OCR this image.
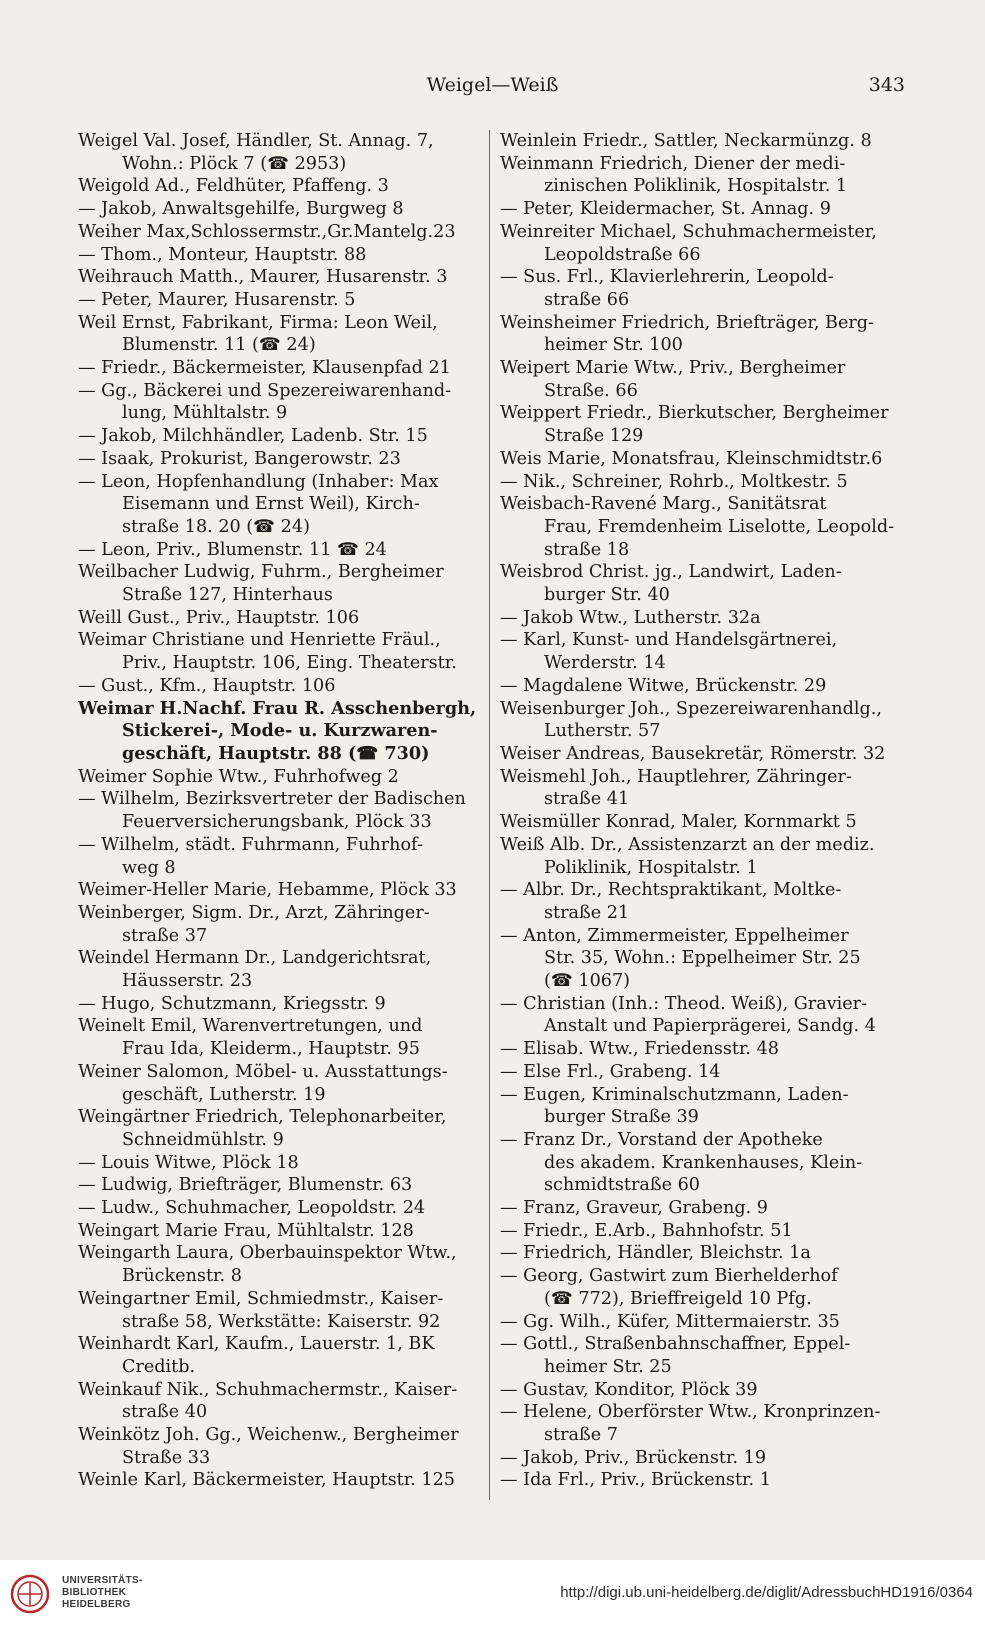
Weigel—Weiß	343
Weigel Val. Josef, Händler, St. Annag. 7,
Wohn.: Plöck 7 (☎ 2953)
Weigold Ad., Feldhüter, Pfaffeng. 3
— Jakob, Anwaltsgehilfe, Burgweg 8
Weiher Max,Schlossermstr.,Gr.Mantelg.23
— Thom., Monteur, Hauptstr. 88
Weihrauch Matth., Maurer, Husarenstr. 3
— Peter, Maurer, Husarenstr. 5
Weil Ernst, Fabrikant, Firma: Leon Weil,
Blumenstr. 11 (☎ 24)
— Friedr., Bäckermeister, Klausenpfad 21
— Gg., Bäckerei und Spezereiwarenhand-
lung, Mühltalstr. 9
— Jakob, Milchhändler, Ladenb. Str. 15
— Isaak, Prokurist, Bangerowstr. 23
— Leon, Hopfenhandlung (Inhaber: Max
Eisemann und Ernst Weil), Kirch-
straße 18. 20 (☎ 24)
— Leon, Priv., Blumenstr. 11 ☎ 24
Weilbacher Ludwig, Fuhrm., Bergheimer
Straße 127, Hinterhaus
Weill Gust., Priv., Hauptstr. 106
Weimar Christiane und Henriette Fräul.,
Priv., Hauptstr. 106, Eing. Theaterstr.
— Gust., Kfm., Hauptstr. 106
Weimar H.Nachf. Frau R. Asschenbergh,
Stickerei-, Mode- u. Kurzwaren-
geschäft, Hauptstr. 88 (☎ 730)
Weimer Sophie Wtw., Fuhrhofweg 2
— Wilhelm, Bezirksvertreter der Badischen
Feuerversicherungsbank, Plöck 33
— Wilhelm, städt. Fuhrmann, Fuhrhof-
weg 8
Weimer-Heller Marie, Hebamme, Plöck 33
Weinberger, Sigm. Dr., Arzt, Zähringer-
straße 37
Weindel Hermann Dr., Landgerichtsrat,
Häusserstr. 23
— Hugo, Schutzmann, Kriegsstr. 9
Weinelt Emil, Warenvertretungen, und
Frau Ida, Kleiderm., Hauptstr. 95
Weiner Salomon, Möbel- u. Ausstattungs-
geschäft, Lutherstr. 19
Weingärtner Friedrich, Telephonarbeiter,
Schneidmühlstr. 9
— Louis Witwe, Plöck 18
— Ludwig, Briefträger, Blumenstr. 63
— Ludw., Schuhmacher, Leopoldstr. 24
Weingart Marie Frau, Mühltalstr. 128
Weingarth Laura, Oberbauinspektor Wtw.,
Brückenstr. 8
Weingartner Emil, Schmiedmstr., Kaiser-
straße 58, Werkstätte: Kaiserstr. 92
Weinhardt Karl, Kaufm., Lauerstr. 1, BK
Creditb.
Weinkauf Nik., Schuhmachermstr., Kaiser-
straße 40
Weinkötz Joh. Gg., Weichenw., Bergheimer
Straße 33
Weinle Karl, Bäckermeister, Hauptstr. 125
Weinlein Friedr., Sattler, Neckarmünzg. 8
Weinmann Friedrich, Diener der medi-
zinischen Poliklinik, Hospitalstr. 1
— Peter, Kleidermacher, St. Annag. 9
Weinreiter Michael, Schuhmachermeister,
Leopoldstraße 66
— Sus. Frl., Klavierlehrerin, Leopold-
straße 66
Weinsheimer Friedrich, Briefträger, Berg-
heimer Str. 100
Weipert Marie Wtw., Priv., Bergheimer
Straße. 66
Weippert Friedr., Bierkutscher, Bergheimer
Straße 129
Weis Marie, Monatsfrau, Kleinschmidtstr.6
— Nik., Schreiner, Rohrb., Moltkestr. 5
Weisbach-Ravené Marg., Sanitätsrat
Frau, Fremdenheim Liselotte, Leopold-
straße 18
Weisbrod Christ. jg., Landwirt, Laden-
burger Str. 40
— Jakob Wtw., Lutherstr. 32a
— Karl, Kunst- und Handelsgärtnerei,
Werderstr. 14
— Magdalene Witwe, Brückenstr. 29
Weisenburger Joh., Spezereiwarenhandlg.,
Lutherstr. 57
Weiser Andreas, Bausekretär, Römerstr. 32
Weismehl Joh., Hauptlehrer, Zähringer-
straße 41
Weismüller Konrad, Maler, Kornmarkt 5
Weiß Alb. Dr., Assistenzarzt an der mediz.
Poliklinik, Hospitalstr. 1
— Albr. Dr., Rechtspraktikant, Moltke-
straße 21
— Anton, Zimmermeister, Eppelheimer
Str. 35, Wohn.: Eppelheimer Str. 25
(☎ 1067)
— Christian (Inh.: Theod. Weiß), Gravier-
Anstalt und Papierprägerei, Sandg. 4
— Elisab. Wtw., Friedensstr. 48
— Else Frl., Grabeng. 14
— Eugen, Kriminalschutzmann, Laden-
burger Straße 39
— Franz Dr., Vorstand der Apotheke
des akadem. Krankenhauses, Klein-
schmidtstraße 60
— Franz, Graveur, Grabeng. 9
— Friedr., E.Arb., Bahnhofstr. 51
— Friedrich, Händler, Bleichstr. 1a
— Georg, Gastwirt zum Bierhelderhof
(☎ 772), Brieffreigeld 10 Pfg.
— Gg. Wilh., Küfer, Mittermaierstr. 35
— Gottl., Straßenbahnschaffner, Eppel-
heimer Str. 25
— Gustav, Konditor, Plöck 39
— Helene, Oberförster Wtw., Kronprinzen-
straße 7
— Jakob, Priv., Brückenstr. 19
— Ida Frl., Priv., Brückenstr. 1
UNIVERSITÄTS-
BIBLIOTHEK
HEIDELBERG
http://digi.ub.uni-heidelberg.de/diglit/AdressbuchHD1916/0364
